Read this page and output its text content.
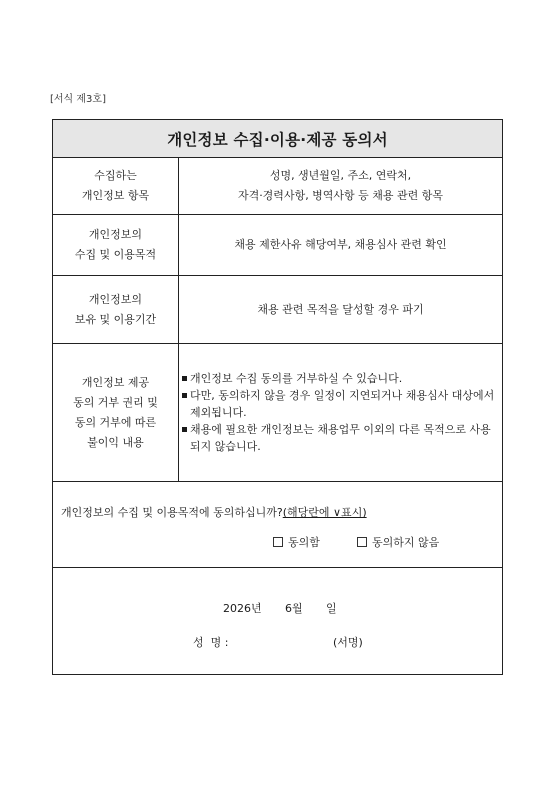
[서식 제3호]
개인정보 수집·이용·제공 동의서
수집하는
개인정보 항목
성명, 생년월일, 주소, 연락처,
자격·경력사항, 병역사항 등 채용 관련 항목
개인정보의
수집 및 이용목적
채용 제한사유 해당여부, 채용심사 관련 확인
개인정보의
보유 및 이용기간
채용 관련 목적을 달성할 경우 파기
개인정보 제공
동의 거부 권리 및
동의 거부에 따른
불이익 내용
개인정보 수집 동의를 거부하실 수 있습니다.
다만, 동의하지 않을 경우 일정이 지연되거나 채용심사 대상에서 제외됩니다.
채용에 필요한 개인정보는 채용업무 이외의 다른 목적으로 사용되지 않습니다.
개인정보의 수집 및 이용목적에 동의하십니까?(해당란에 ∨표시)
동의함	동의하지 않음
2026년 6월 일
성  명 :	(서명)
